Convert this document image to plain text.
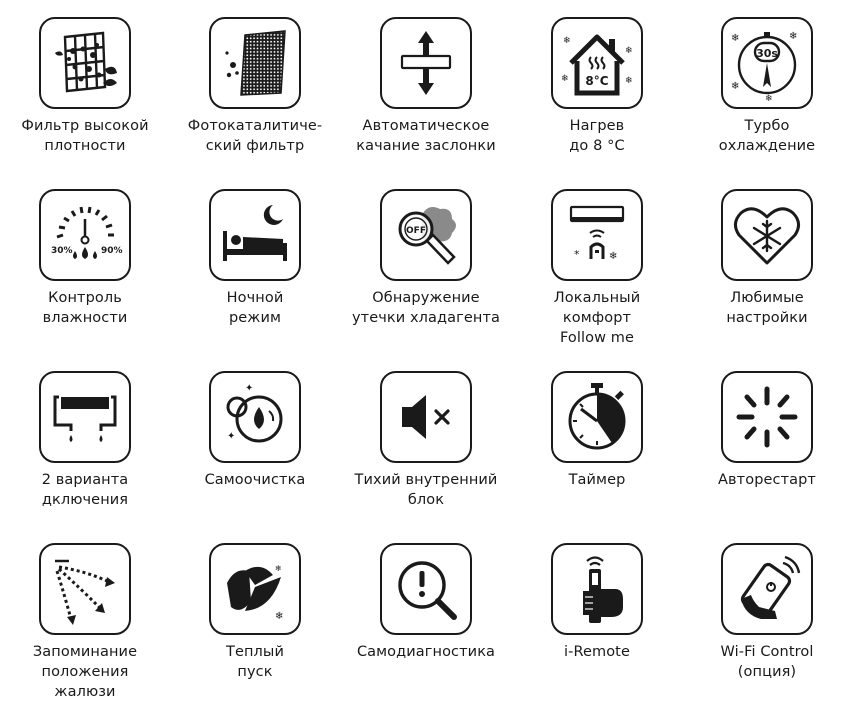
Фильтр высокой
плотности
Фотокаталитиче-
ский фильтр
Автоматическое
качание заслонки
8°C
❄
❄
❄	❄
Нагрев
до 8 °C
30s
❄	❄
❄
❄
Турбо
охлаждение
30%	90%
Контроль
влажности
Ночной
режим
OFF
Обнаружение
утечки хладагента
*	❄
Локальный
комфорт
Follow me
Любимые
настройки
2 варианта
дключения
✦
✦
Самоочистка	Тихий внутренний
блок
Таймер	Авторестарт
Запоминание
положения
жалюзи
❄
❄
❄
Теплый
пуск
Самодиагностика	i-Remote	Wi-Fi Control
(опция)
